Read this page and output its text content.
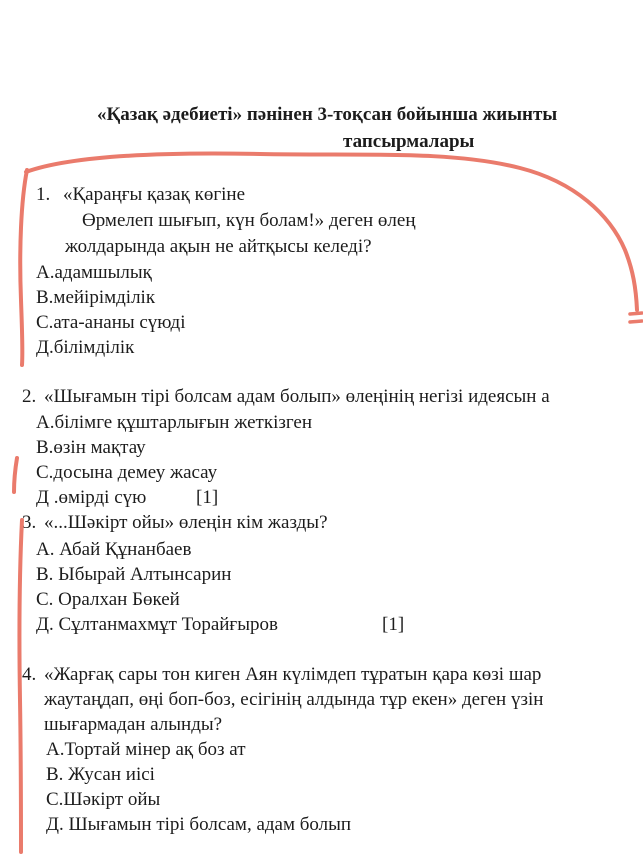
«Қазақ әдебиеті» пәнінен 3-тоқсан бойынша жиынты
тапсырмалары
1. «Қараңғы қазақ көгіне
Өрмелеп шығып, күн болам!» деген өлең
жолдарында ақын не айтқысы келеді?
А.адамшылық
В.мейірімділік
С.ата-ананы сүюді
Д.білімділік
2. «Шығамын тірі болсам адам болып» өлеңінің негізі идеясын а
А.білімге құштарлығын жеткізген
В.өзін мақтау
С.досына демеу жасау
Д .өмірді сүю	[1]
3. «...Шәкірт ойы» өлеңін кім жазды?
А. Абай Құнанбаев
В. Ыбырай Алтынсарин
С. Оралхан Бөкей
Д. Сұлтанмахмұт Торайғыров	[1]
4. «Жарғақ сары тон киген Аян күлімдеп тұратын қара көзі шар
жаутаңдап, өңі боп-боз, есігінің алдында тұр екен» деген үзін
шығармадан алынды?
А.Тортай мінер ақ боз ат
В. Жусан иісі
С.Шәкірт ойы
Д. Шығамын тірі болсам, адам болып
